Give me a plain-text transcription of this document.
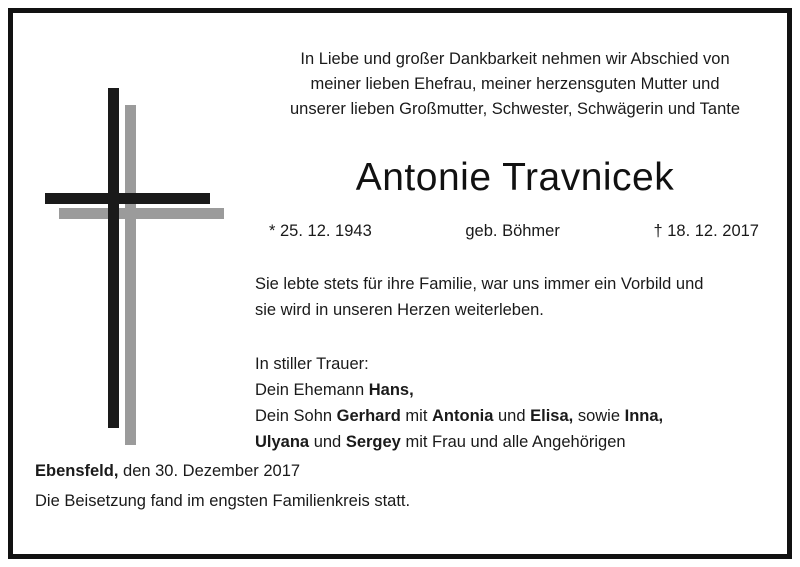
In Liebe und großer Dankbarkeit nehmen wir Abschied von
meiner lieben Ehefrau, meiner herzensguten Mutter und
unserer lieben Großmutter, Schwester, Schwägerin und Tante
Antonie Travnicek
* 25. 12. 1943	geb. Böhmer	† 18. 12. 2017
Sie lebte stets für ihre Familie, war uns immer ein Vorbild und
sie wird in unseren Herzen weiterleben.
In stiller Trauer:
Dein Ehemann Hans,
Dein Sohn Gerhard mit Antonia und Elisa, sowie Inna,
Ulyana und Sergey mit Frau und alle Angehörigen
Ebensfeld, den 30. Dezember 2017
Die Beisetzung fand im engsten Familienkreis statt.
